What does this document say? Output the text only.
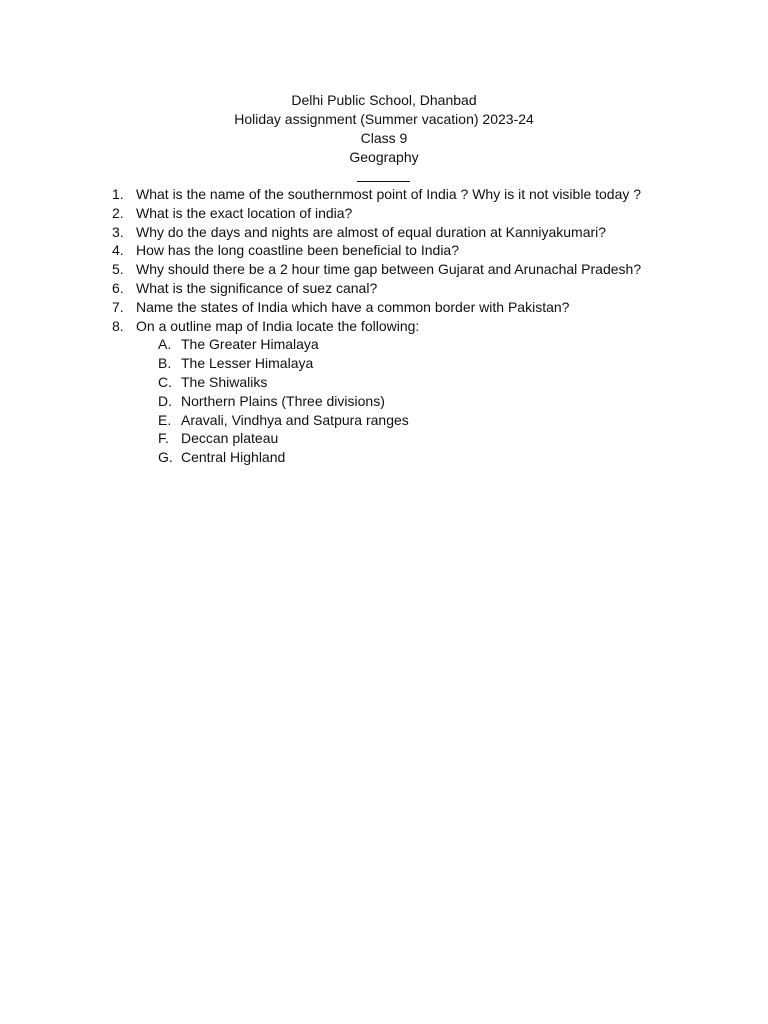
Delhi Public School, Dhanbad
Holiday assignment (Summer vacation) 2023-24
Class 9
Geography
1. What is the name of the southernmost point of India ? Why is it not visible today ?
2. What is the exact location of india?
3. Why do the days and nights are almost of equal duration at Kanniyakumari?
4. How has the long coastline been beneficial to India?
5. Why should there be a 2 hour time gap between Gujarat and Arunachal Pradesh?
6. What is the significance of suez canal?
7. Name the states of India which have a common border with Pakistan?
8. On a outline map of India locate the following:
A. The Greater Himalaya
B. The Lesser Himalaya
C. The Shiwaliks
D. Northern Plains (Three divisions)
E. Aravali, Vindhya and Satpura ranges
F. Deccan plateau
G. Central Highland
